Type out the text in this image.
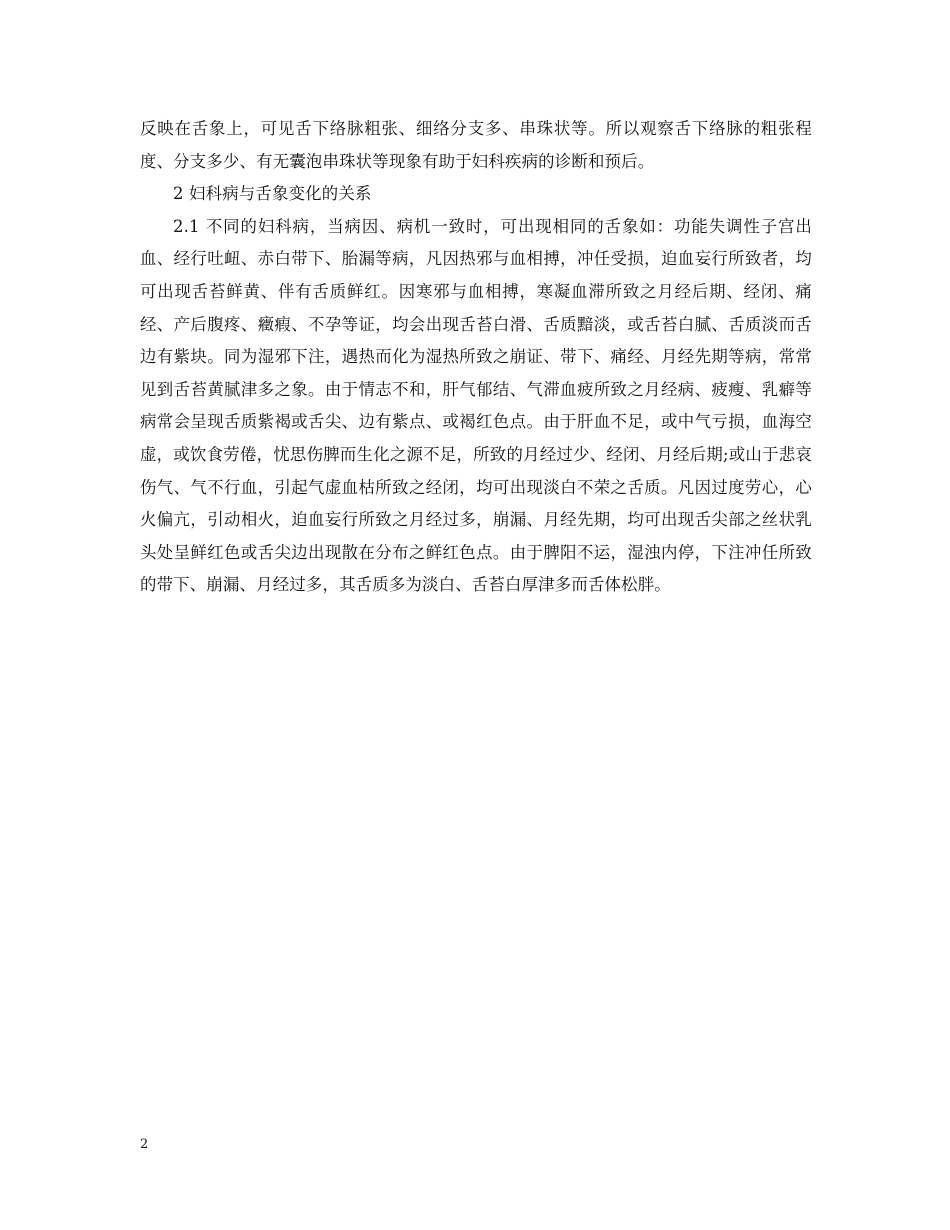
反映在舌象上，可见舌下络脉粗张、细络分支多、串珠状等。所以观察舌下络脉的粗张程度、分支多少、有无囊泡串珠状等现象有助于妇科疾病的诊断和预后。

2 妇科病与舌象变化的关系

2.1 不同的妇科病，当病因、病机一致时，可出现相同的舌象如：功能失调性子宫出血、经行吐衄、赤白带下、胎漏等病，凡因热邪与血相搏，冲任受损，迫血妄行所致者，均可出现舌苔鲜黄、伴有舌质鲜红。因寒邪与血相搏，寒凝血滞所致之月经后期、经闭、痛经、产后腹疼、癥瘕、不孕等证，均会出现舌苔白滑、舌质黯淡，或舌苔白腻、舌质淡而舌边有紫块。同为湿邪下注，遇热而化为湿热所致之崩证、带下、痛经、月经先期等病，常常见到舌苔黄腻津多之象。由于情志不和，肝气郁结、气滞血疲所致之月经病、疲瘦、乳癖等病常会呈现舌质紫褐或舌尖、边有紫点、或褐红色点。由于肝血不足，或中气亏损，血海空虚，或饮食劳倦，忧思伤脾而生化之源不足，所致的月经过少、经闭、月经后期;或山于悲哀伤气、气不行血，引起气虚血枯所致之经闭，均可出现淡白不荣之舌质。凡因过度劳心，心火偏亢，引动相火，迫血妄行所致之月经过多，崩漏、月经先期，均可出现舌尖部之丝状乳头处呈鲜红色或舌尖边出现散在分布之鲜红色点。由于脾阳不运，湿浊内停，下注冲任所致的带下、崩漏、月经过多，其舌质多为淡白、舌苔白厚津多而舌体松胖。

2
